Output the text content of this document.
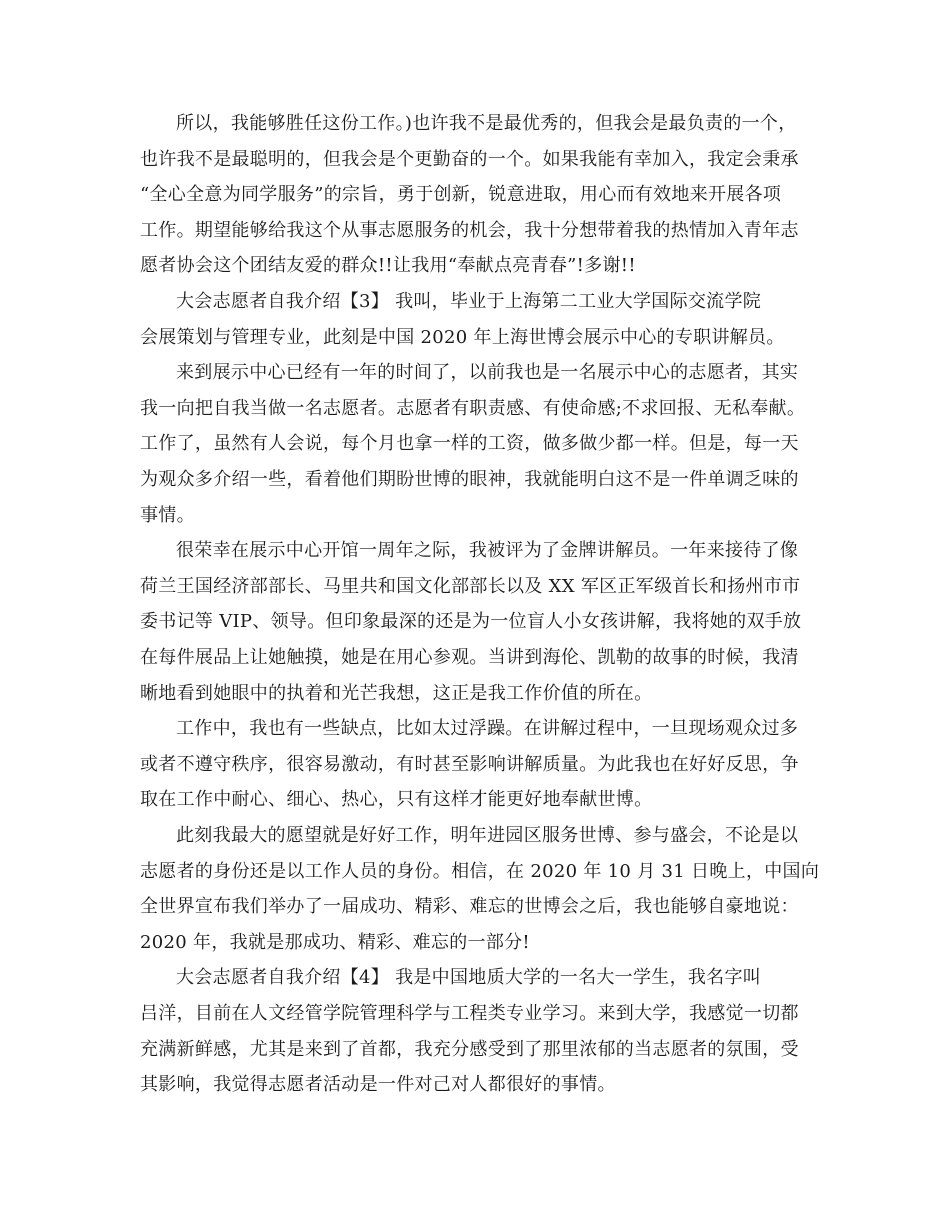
所以，我能够胜任这份工作。)也许我不是最优秀的，但我会是最负责的一个，
也许我不是最聪明的，但我会是个更勤奋的一个。如果我能有幸加入，我定会秉承
“全心全意为同学服务”的宗旨，勇于创新，锐意进取，用心而有效地来开展各项
工作。期望能够给我这个从事志愿服务的机会，我十分想带着我的热情加入青年志
愿者协会这个团结友爱的群众!!让我用“奉献点亮青春”!多谢!!
大会志愿者自我介绍【3】 我叫，毕业于上海第二工业大学国际交流学院
会展策划与管理专业，此刻是中国 2020 年上海世博会展示中心的专职讲解员。
来到展示中心已经有一年的时间了，以前我也是一名展示中心的志愿者，其实
我一向把自我当做一名志愿者。志愿者有职责感、有使命感;不求回报、无私奉献。
工作了，虽然有人会说，每个月也拿一样的工资，做多做少都一样。但是，每一天
为观众多介绍一些，看着他们期盼世博的眼神，我就能明白这不是一件单调乏味的
事情。
很荣幸在展示中心开馆一周年之际，我被评为了金牌讲解员。一年来接待了像
荷兰王国经济部部长、马里共和国文化部部长以及 XX 军区正军级首长和扬州市市
委书记等 VIP、领导。但印象最深的还是为一位盲人小女孩讲解，我将她的双手放
在每件展品上让她触摸，她是在用心参观。当讲到海伦、凯勒的故事的时候，我清
晰地看到她眼中的执着和光芒我想，这正是我工作价值的所在。
工作中，我也有一些缺点，比如太过浮躁。在讲解过程中，一旦现场观众过多
或者不遵守秩序，很容易激动，有时甚至影响讲解质量。为此我也在好好反思，争
取在工作中耐心、细心、热心，只有这样才能更好地奉献世博。
此刻我最大的愿望就是好好工作，明年进园区服务世博、参与盛会，不论是以
志愿者的身份还是以工作人员的身份。相信，在 2020 年 10 月 31 日晚上，中国向
全世界宣布我们举办了一届成功、精彩、难忘的世博会之后，我也能够自豪地说：
2020 年，我就是那成功、精彩、难忘的一部分!
大会志愿者自我介绍【4】 我是中国地质大学的一名大一学生，我名字叫
吕洋，目前在人文经管学院管理科学与工程类专业学习。来到大学，我感觉一切都
充满新鲜感，尤其是来到了首都，我充分感受到了那里浓郁的当志愿者的氛围，受
其影响，我觉得志愿者活动是一件对己对人都很好的事情。
